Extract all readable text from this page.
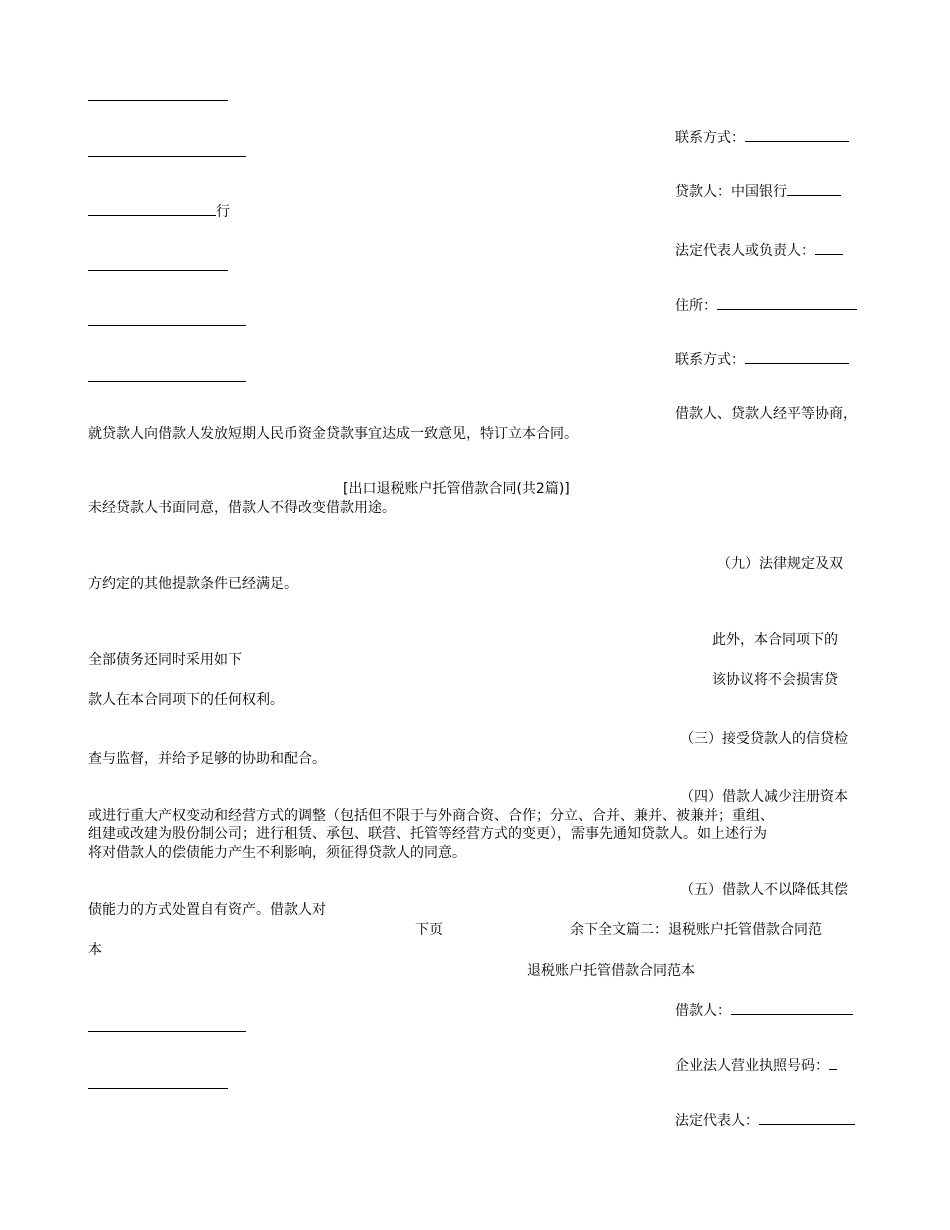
联系方式：
贷款人：中国银行
行
法定代表人或负责人：
住所：
联系方式：
借款人、贷款人经平等协商，
就贷款人向借款人发放短期人民币资金贷款事宜达成一致意见，特订立本合同。
[出口退税账户托管借款合同(共2篇)]
未经贷款人书面同意，借款人不得改变借款用途。
（九）法律规定及双
方约定的其他提款条件已经满足。
此外，本合同项下的
全部债务还同时采用如下
该协议将不会损害贷
款人在本合同项下的任何权利。
（三）接受贷款人的信贷检
查与监督，并给予足够的协助和配合。
（四）借款人减少注册资本
或进行重大产权变动和经营方式的调整（包括但不限于与外商合资、合作；分立、合并、兼并、被兼并；重组、
组建或改建为股份制公司；进行租赁、承包、联营、托管等经营方式的变更），需事先通知贷款人。如上述行为
将对借款人的偿债能力产生不利影响，须征得贷款人的同意。
（五）借款人不以降低其偿
债能力的方式处置自有资产。借款人对
下页	余下全文篇二：退税账户托管借款合同范
本
退税账户托管借款合同范本
借款人：
企业法人营业执照号码：
法定代表人：
